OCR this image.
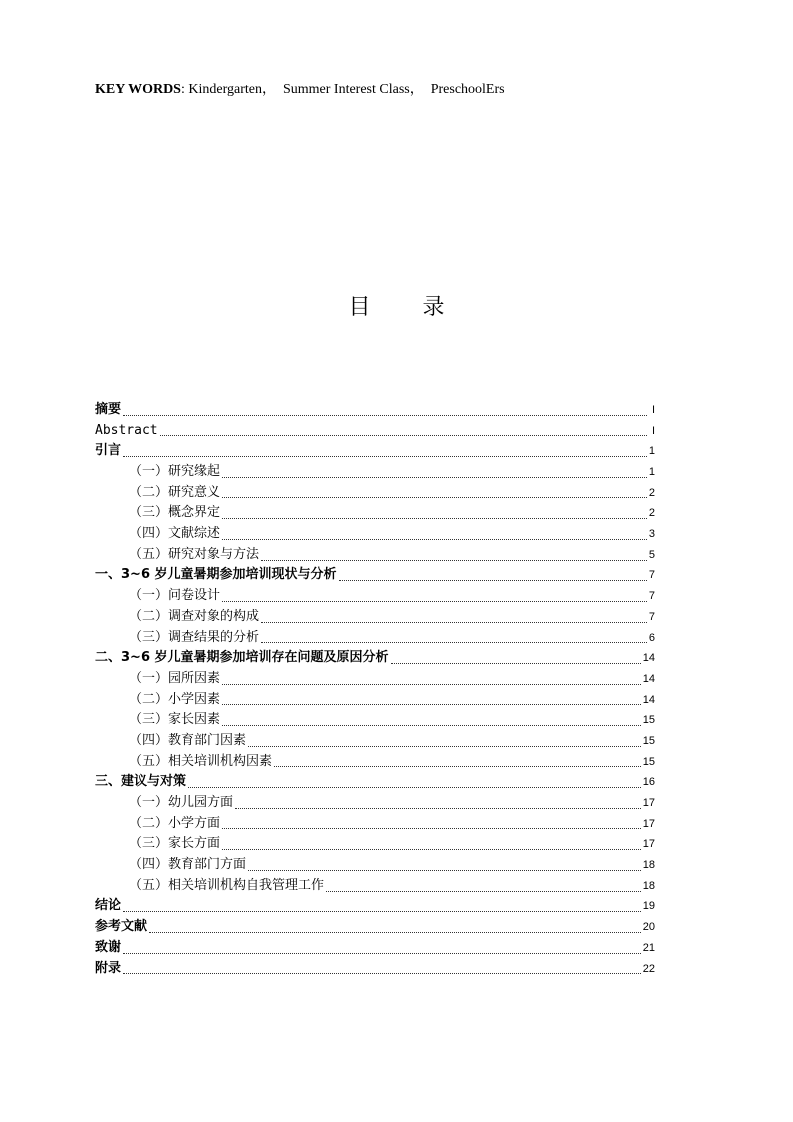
KEY WORDS: Kindergarten，  Summer Interest Class，  PreschoolErs
目 录
摘要	I
Abstract	I
引言	1
（一）研究缘起	1
（二）研究意义	2
（三）概念界定	2
（四）文献综述	3
（五）研究对象与方法	5
一、3~6 岁儿童暑期参加培训现状与分析	7
（一）问卷设计	7
（二）调查对象的构成	7
（三）调查结果的分析	6
二、3~6 岁儿童暑期参加培训存在问题及原因分析	14
（一）园所因素	14
（二）小学因素	14
（三）家长因素	15
（四）教育部门因素	15
（五）相关培训机构因素	15
三、建议与对策	16
（一）幼儿园方面	17
（二）小学方面	17
（三）家长方面	17
（四）教育部门方面	18
（五）相关培训机构自我管理工作	18
结论	19
参考文献	20
致谢	21
附录	22
